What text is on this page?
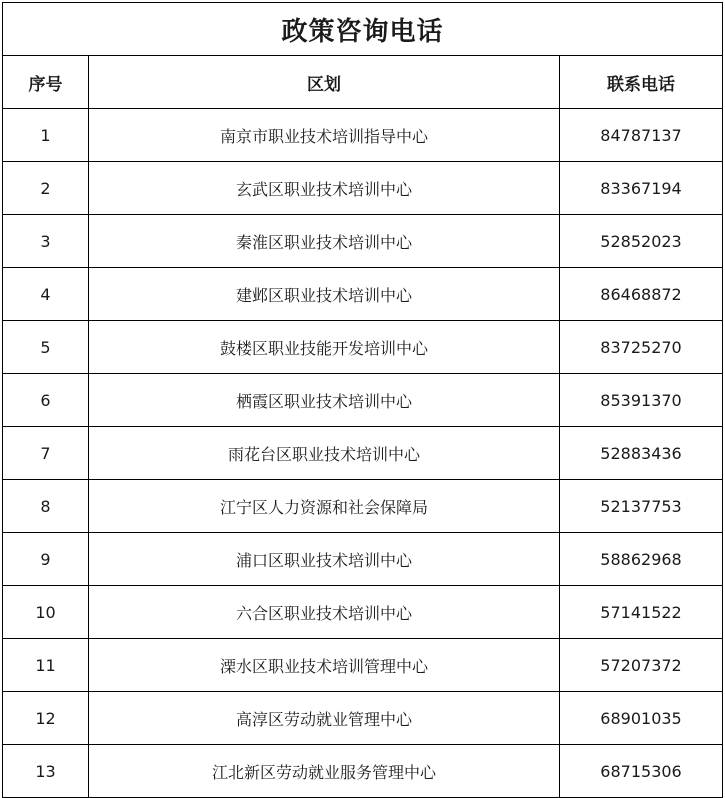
政策咨询电话		
序号	区划	联系电话
1	南京市职业技术培训指导中心	84787137
2	玄武区职业技术培训中心	83367194
3	秦淮区职业技术培训中心	52852023
4	建邺区职业技术培训中心	86468872
5	鼓楼区职业技能开发培训中心	83725270
6	栖霞区职业技术培训中心	85391370
7	雨花台区职业技术培训中心	52883436
8	江宁区人力资源和社会保障局	52137753
9	浦口区职业技术培训中心	58862968
10	六合区职业技术培训中心	57141522
11	溧水区职业技术培训管理中心	57207372
12	高淳区劳动就业管理中心	68901035
13	江北新区劳动就业服务管理中心	68715306
